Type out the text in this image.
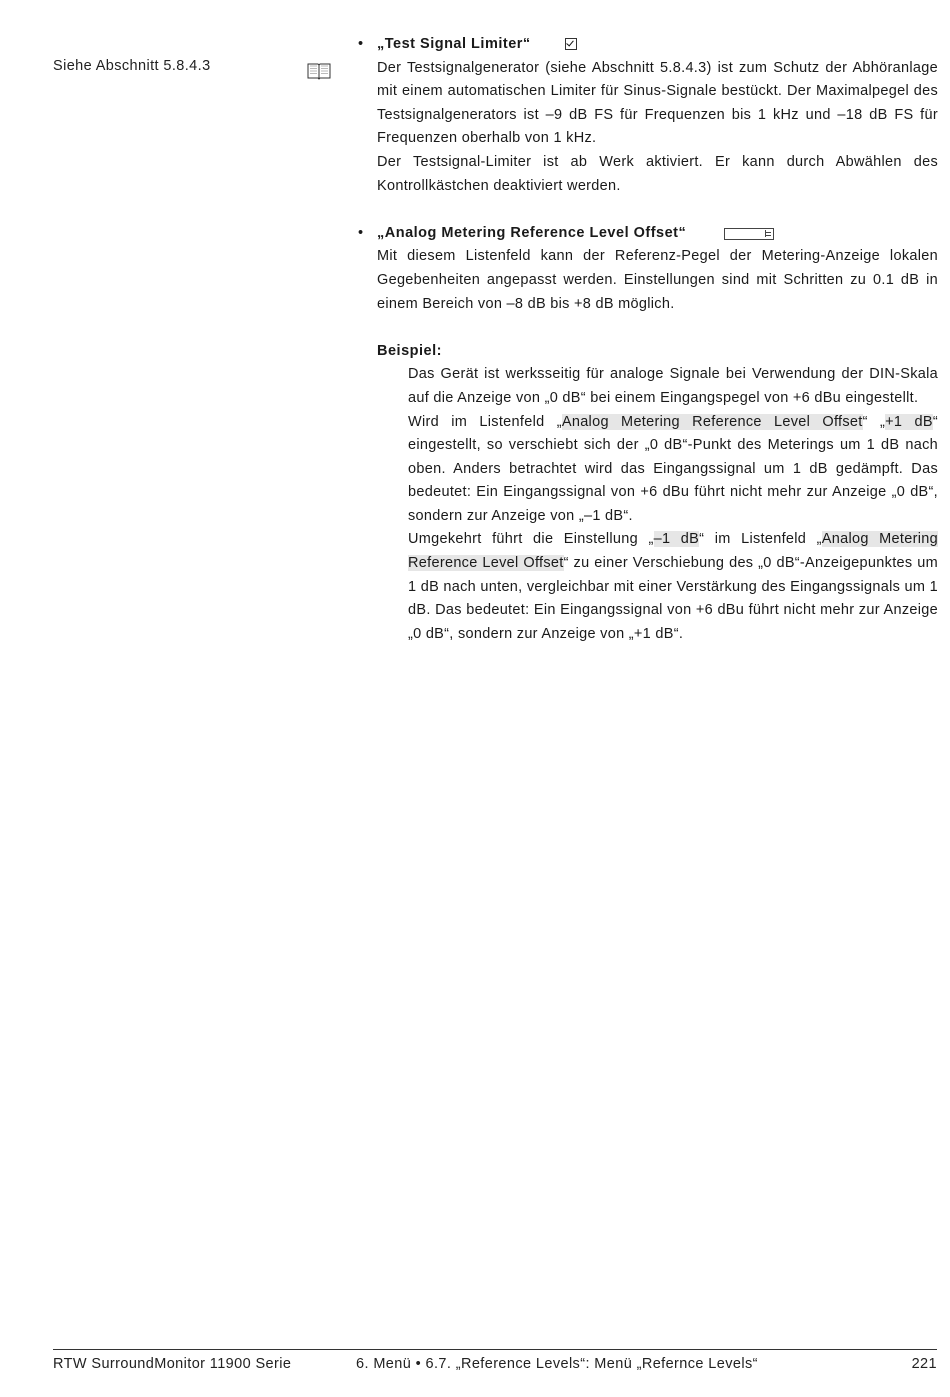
Siehe Abschnitt 5.8.4.3
• „Test Signal Limiter“

Der Testsignalgenerator (siehe Abschnitt 5.8.4.3) ist zum Schutz der Abhöranlage mit einem automatischen Limiter für Sinus-Signale bestückt. Der Maximalpegel des Testsignalgenerators ist –9 dB FS für Frequenzen bis 1 kHz und –18 dB FS für Frequenzen oberhalb von 1 kHz.

Der Testsignal-Limiter ist ab Werk aktiviert. Er kann durch Abwählen des Kontrollkästchen deaktiviert werden.

• „Analog Metering Reference Level Offset“

Mit diesem Listenfeld kann der Referenz-Pegel der Metering-Anzeige lokalen Gegebenheiten angepasst werden. Einstellungen sind mit Schritten zu 0.1 dB in einem Bereich von –8 dB bis +8 dB möglich.

Beispiel:

Das Gerät ist werksseitig für analoge Signale bei Verwendung der DIN-Skala auf die Anzeige von „0 dB“ bei einem Eingangspegel von +6 dBu eingestellt.

Wird im Listenfeld „Analog Metering Reference Level Offset“ „+1 dB“ eingestellt, so verschiebt sich der „0 dB“-Punkt des Meterings um 1 dB nach oben. Anders betrachtet wird das Eingangssignal um 1 dB gedämpft. Das bedeutet: Ein Eingangssignal von +6 dBu führt nicht mehr zur Anzeige „0 dB“, sondern zur Anzeige von „–1 dB“.

Umgekehrt führt die Einstellung „–1 dB“ im Listenfeld „Analog Metering Reference Level Offset“ zu einer Verschiebung des „0 dB“-Anzeigepunktes um 1 dB nach unten, vergleichbar mit einer Verstärkung des Eingangssignals um 1 dB. Das bedeutet: Ein Eingangssignal von +6 dBu führt nicht mehr zur Anzeige „0 dB“, sondern zur Anzeige von „+1 dB“.

RTW SurroundMonitor 11900 Serie	6. Menü • 6.7. „Reference Levels“: Menü „Refernce Levels“	221
